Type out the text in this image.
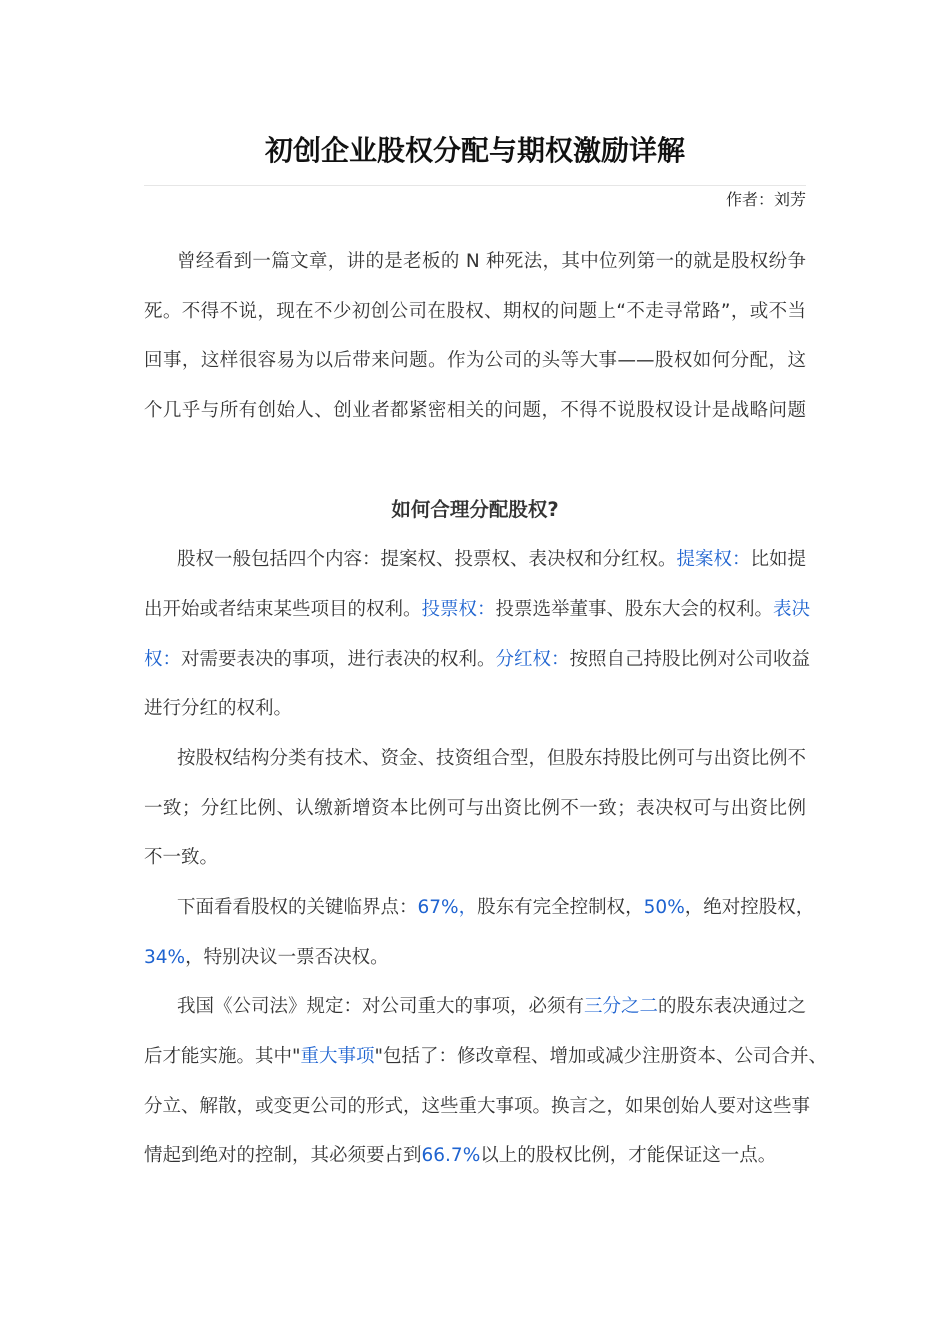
初创企业股权分配与期权激励详解
作者：刘芳
曾经看到一篇文章，讲的是老板的 N 种死法，其中位列第一的就是股权纷争
死。不得不说，现在不少初创公司在股权、期权的问题上“不走寻常路”，或不当
回事，这样很容易为以后带来问题。作为公司的头等大事——股权如何分配，这
个几乎与所有创始人、创业者都紧密相关的问题，不得不说股权设计是战略问题
如何合理分配股权?
股权一般包括四个内容：提案权、投票权、表决权和分红权。提案权：比如提
出开始或者结束某些项目的权利。投票权：投票选举董事、股东大会的权利。表决
权：对需要表决的事项，进行表决的权利。分红权：按照自己持股比例对公司收益
进行分红的权利。
按股权结构分类有技术、资金、技资组合型，但股东持股比例可与出资比例不
一致；分红比例、认缴新增资本比例可与出资比例不一致；表决权可与出资比例
不一致。
下面看看股权的关键临界点：67%，股东有完全控制权，50%，绝对控股权，
34%，特别决议一票否决权。
我国《公司法》规定：对公司重大的事项，必须有三分之二的股东表决通过之
后才能实施。其中"重大事项"包括了：修改章程、增加或减少注册资本、公司合并、
分立、解散，或变更公司的形式，这些重大事项。换言之，如果创始人要对这些事
情起到绝对的控制，其必须要占到66.7%以上的股权比例，才能保证这一点。
